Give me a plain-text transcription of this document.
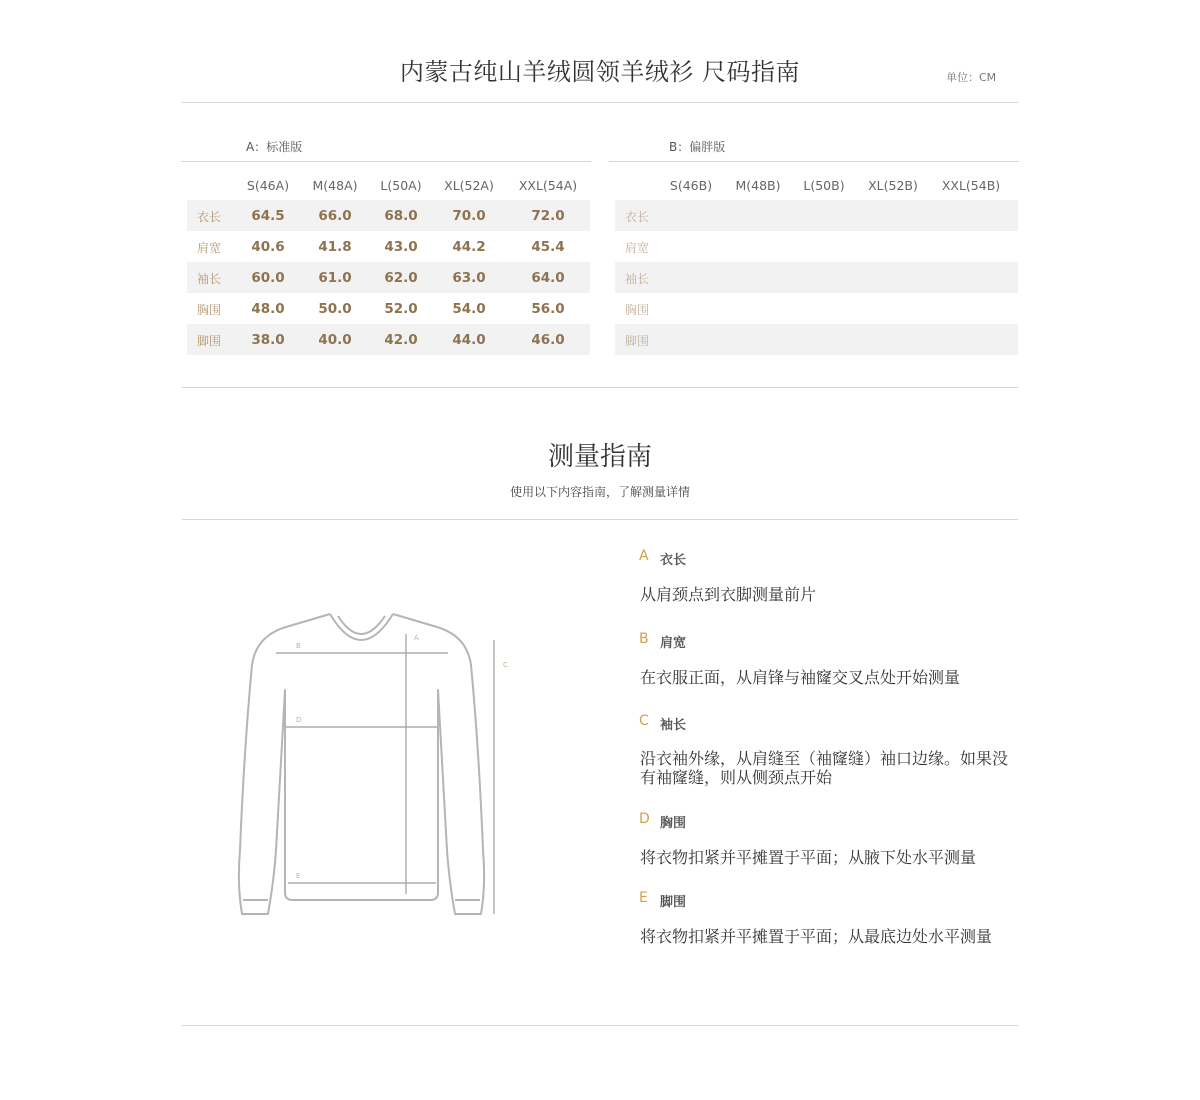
内蒙古纯山羊绒圆领羊绒衫 尺码指南	单位：CM
A：标准版
S(46A)	M(48A)	L(50A)	XL(52A)	XXL(54A)
衣长	64.5	66.0	68.0	70.0	72.0
肩宽	40.6	41.8	43.0	44.2	45.4
袖长	60.0	61.0	62.0	63.0	64.0
胸围	48.0	50.0	52.0	54.0	56.0
脚围	38.0	40.0	42.0	44.0	46.0
B：偏胖版
S(46B)	M(48B)	L(50B)	XL(52B)	XXL(54B)
衣长
肩宽
袖长
胸围
脚围
测量指南
使用以下内容指南，了解测量详情
A
B
C
D
E
A 衣长
从肩颈点到衣脚测量前片
B 肩宽
在衣服正面，从肩锋与袖窿交叉点处开始测量
C 袖长
沿衣袖外缘，从肩缝至（袖窿缝）袖口边缘。如果没有袖窿缝，则从侧颈点开始
D 胸围
将衣物扣紧并平摊置于平面；从腋下处水平测量
E 脚围
将衣物扣紧并平摊置于平面；从最底边处水平测量
